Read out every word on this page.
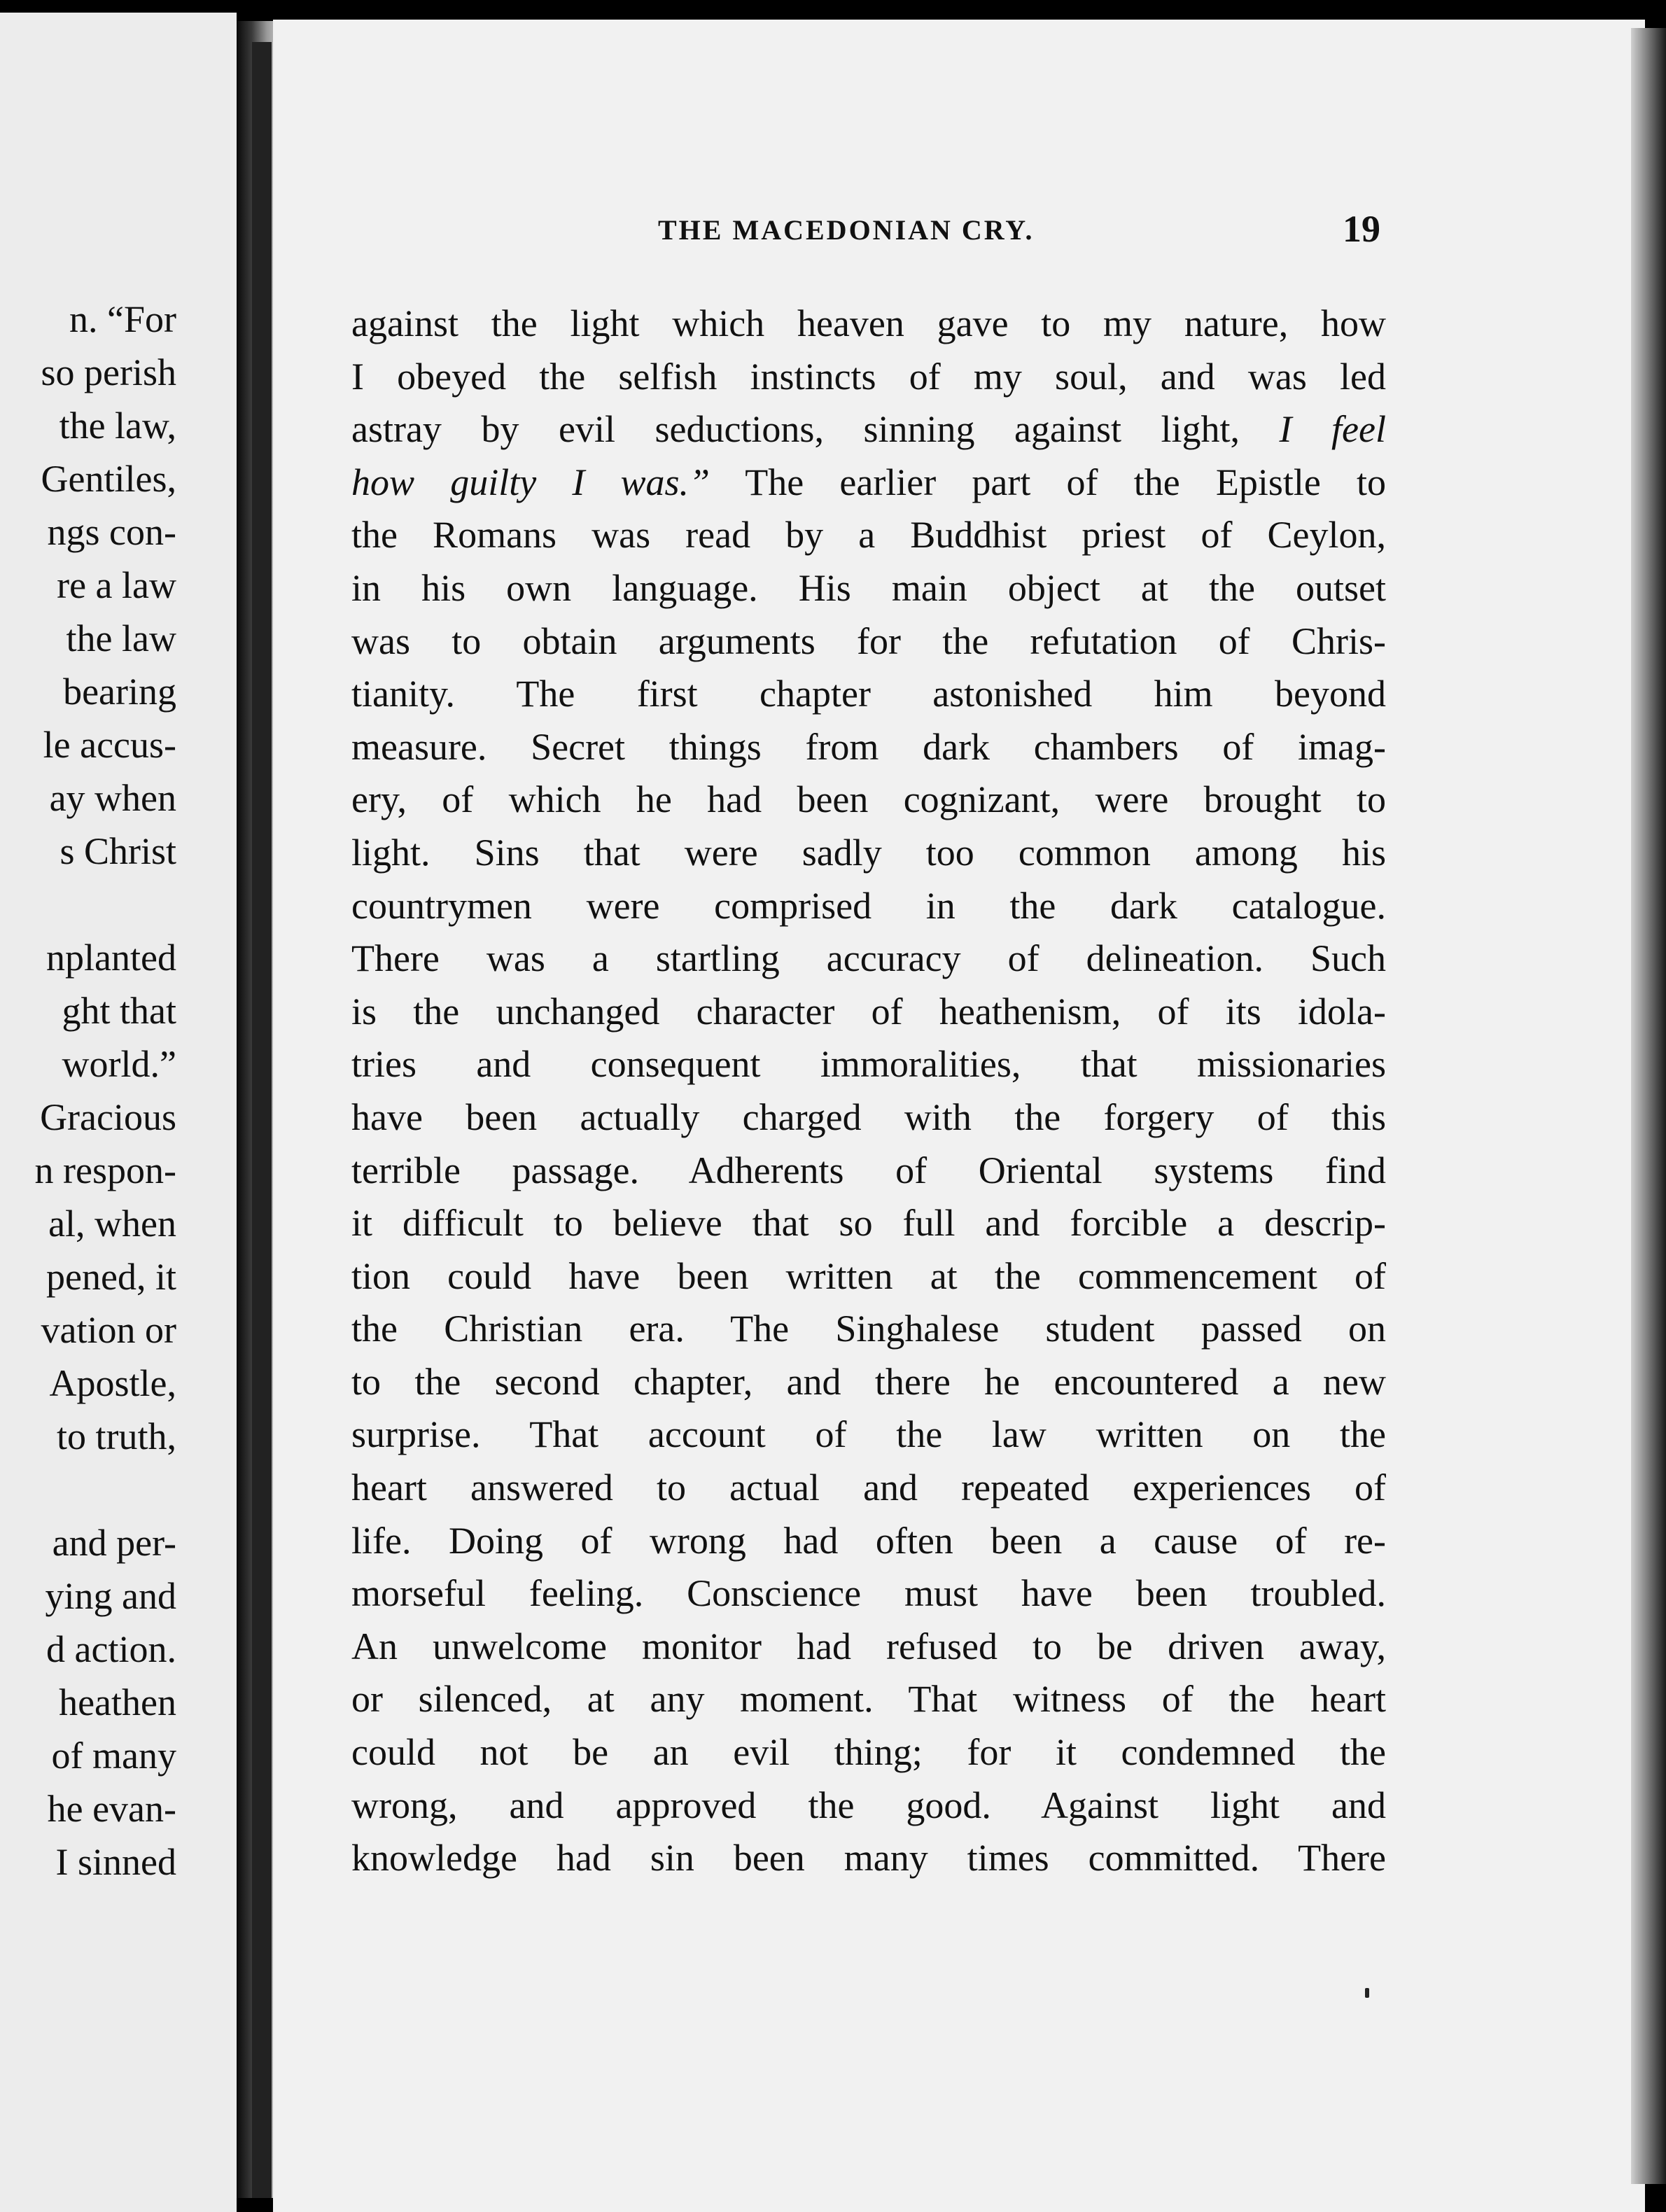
n. “For
so perish
the law,
Gentiles,
ngs con-
re a law
the law
bearing
le accus-
ay when
s Christ
nplanted
ght that
world.”
Gracious
n respon-
al, when
pened, it
vation or
Apostle,
to truth,
and per-
ying and
d action.
heathen
of many
he evan-
I sinned
THE MACEDONIAN CRY.	19
against the light which heaven gave to my nature, how
I obeyed the selfish instincts of my soul, and was led
astray by evil seductions, sinning against light, I feel
how guilty I was.” The earlier part of the Epistle to
the Romans was read by a Buddhist priest of Ceylon,
in his own language. His main object at the outset
was to obtain arguments for the refutation of Chris-
tianity. The first chapter astonished him beyond
measure. Secret things from dark chambers of imag-
ery, of which he had been cognizant, were brought to
light. Sins that were sadly too common among his
countrymen were comprised in the dark catalogue.
There was a startling accuracy of delineation. Such
is the unchanged character of heathenism, of its idola-
tries and consequent immoralities, that missionaries
have been actually charged with the forgery of this
terrible passage. Adherents of Oriental systems find
it difficult to believe that so full and forcible a descrip-
tion could have been written at the commencement of
the Christian era. The Singhalese student passed on
to the second chapter, and there he encountered a new
surprise. That account of the law written on the
heart answered to actual and repeated experiences of
life. Doing of wrong had often been a cause of re-
morseful feeling. Conscience must have been troubled.
An unwelcome monitor had refused to be driven away,
or silenced, at any moment. That witness of the heart
could not be an evil thing; for it condemned the
wrong, and approved the good. Against light and
knowledge had sin been many times committed. There
